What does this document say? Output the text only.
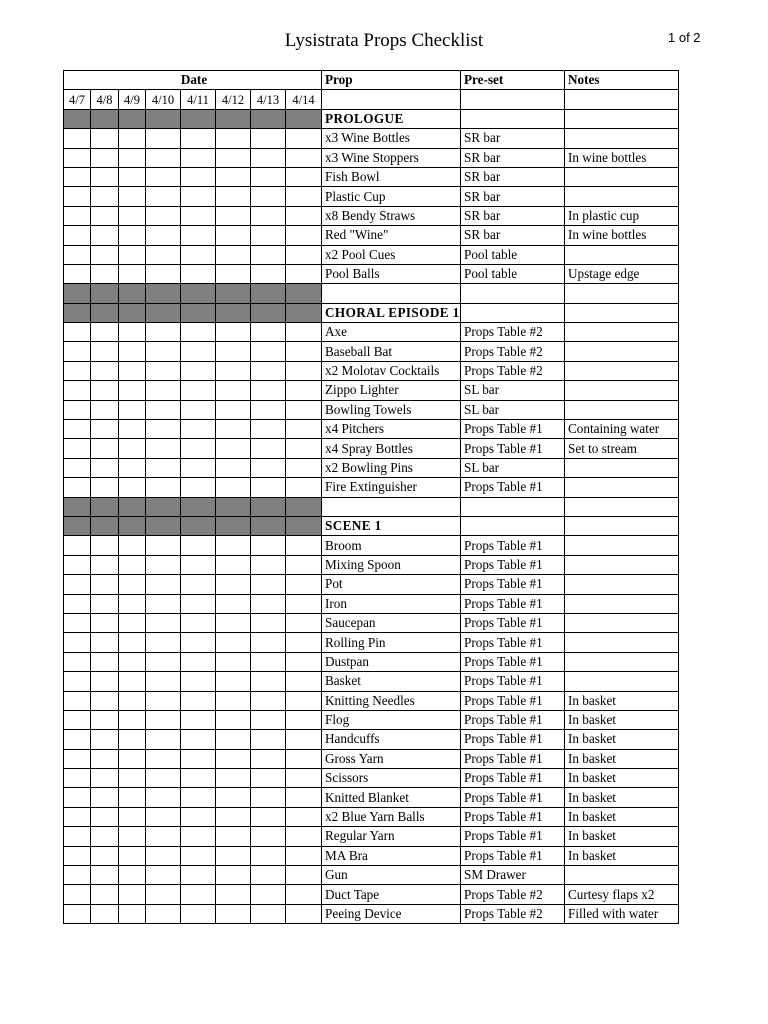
Lysistrata Props Checklist	1 of 2
Date								Prop	Pre-set	Notes
4/7	4/8	4/9	4/10	4/11	4/12	4/13	4/14			
								PROLOGUE		
								x3 Wine Bottles	SR bar	
								x3 Wine Stoppers	SR bar	In wine bottles
								Fish Bowl	SR bar	
								Plastic Cup	SR bar	
								x8 Bendy Straws	SR bar	In plastic cup
								Red "Wine"	SR bar	In wine bottles
								x2 Pool Cues	Pool table	
								Pool Balls	Pool table	Upstage edge

								CHORAL EPISODE 1		
								Axe	Props Table #2	
								Baseball Bat	Props Table #2	
								x2 Molotav Cocktails	Props Table #2	
								Zippo Lighter	SL bar	
								Bowling Towels	SL bar	
								x4 Pitchers	Props Table #1	Containing water
								x4 Spray Bottles	Props Table #1	Set to stream
								x2 Bowling Pins	SL bar	
								Fire Extinguisher	Props Table #1	

								SCENE 1		
								Broom	Props Table #1	
								Mixing Spoon	Props Table #1	
								Pot	Props Table #1	
								Iron	Props Table #1	
								Saucepan	Props Table #1	
								Rolling Pin	Props Table #1	
								Dustpan	Props Table #1	
								Basket	Props Table #1	
								Knitting Needles	Props Table #1	In basket
								Flog	Props Table #1	In basket
								Handcuffs	Props Table #1	In basket
								Gross Yarn	Props Table #1	In basket
								Scissors	Props Table #1	In basket
								Knitted Blanket	Props Table #1	In basket
								x2 Blue Yarn Balls	Props Table #1	In basket
								Regular Yarn	Props Table #1	In basket
								MA Bra	Props Table #1	In basket
								Gun	SM Drawer	
								Duct Tape	Props Table #2	Curtesy flaps x2
								Peeing Device	Props Table #2	Filled with water
